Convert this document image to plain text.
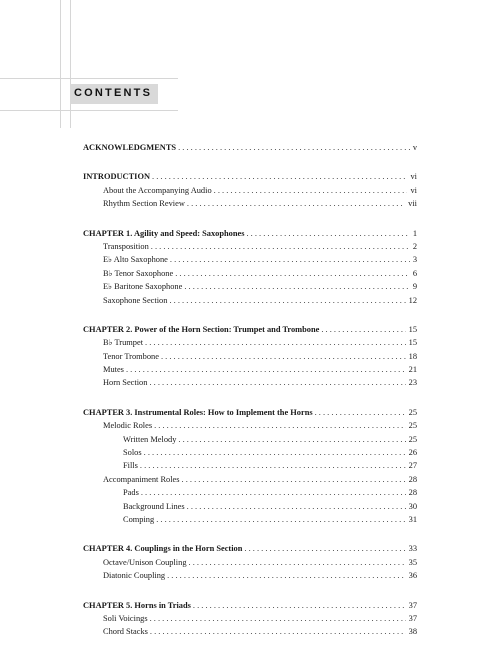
CONTENTS
ACKNOWLEDGMENTS . . .	v
INTRODUCTION . . .	vi
About the Accompanying Audio . . .	vi
Rhythm Section Review . . .	vii
CHAPTER 1. Agility and Speed: Saxophones . . .	1
Transposition . . .	2
E♭ Alto Saxophone . . .	3
B♭ Tenor Saxophone . . .	6
E♭ Baritone Saxophone . . .	9
Saxophone Section . . .	12
CHAPTER 2. Power of the Horn Section: Trumpet and Trombone . . .	15
B♭ Trumpet . . .	15
Tenor Trombone . . .	18
Mutes . . .	21
Horn Section . . .	23
CHAPTER 3. Instrumental Roles: How to Implement the Horns . . .	25
Melodic Roles . . .	25
Written Melody . . .	25
Solos . . .	26
Fills . . .	27
Accompaniment Roles . . .	28
Pads . . .	28
Background Lines . . .	30
Comping . . .	31
CHAPTER 4. Couplings in the Horn Section . . .	33
Octave/Unison Coupling . . .	35
Diatonic Coupling . . .	36
CHAPTER 5. Horns in Triads . . .	37
Soli Voicings . . .	37
Chord Stacks . . .	38
